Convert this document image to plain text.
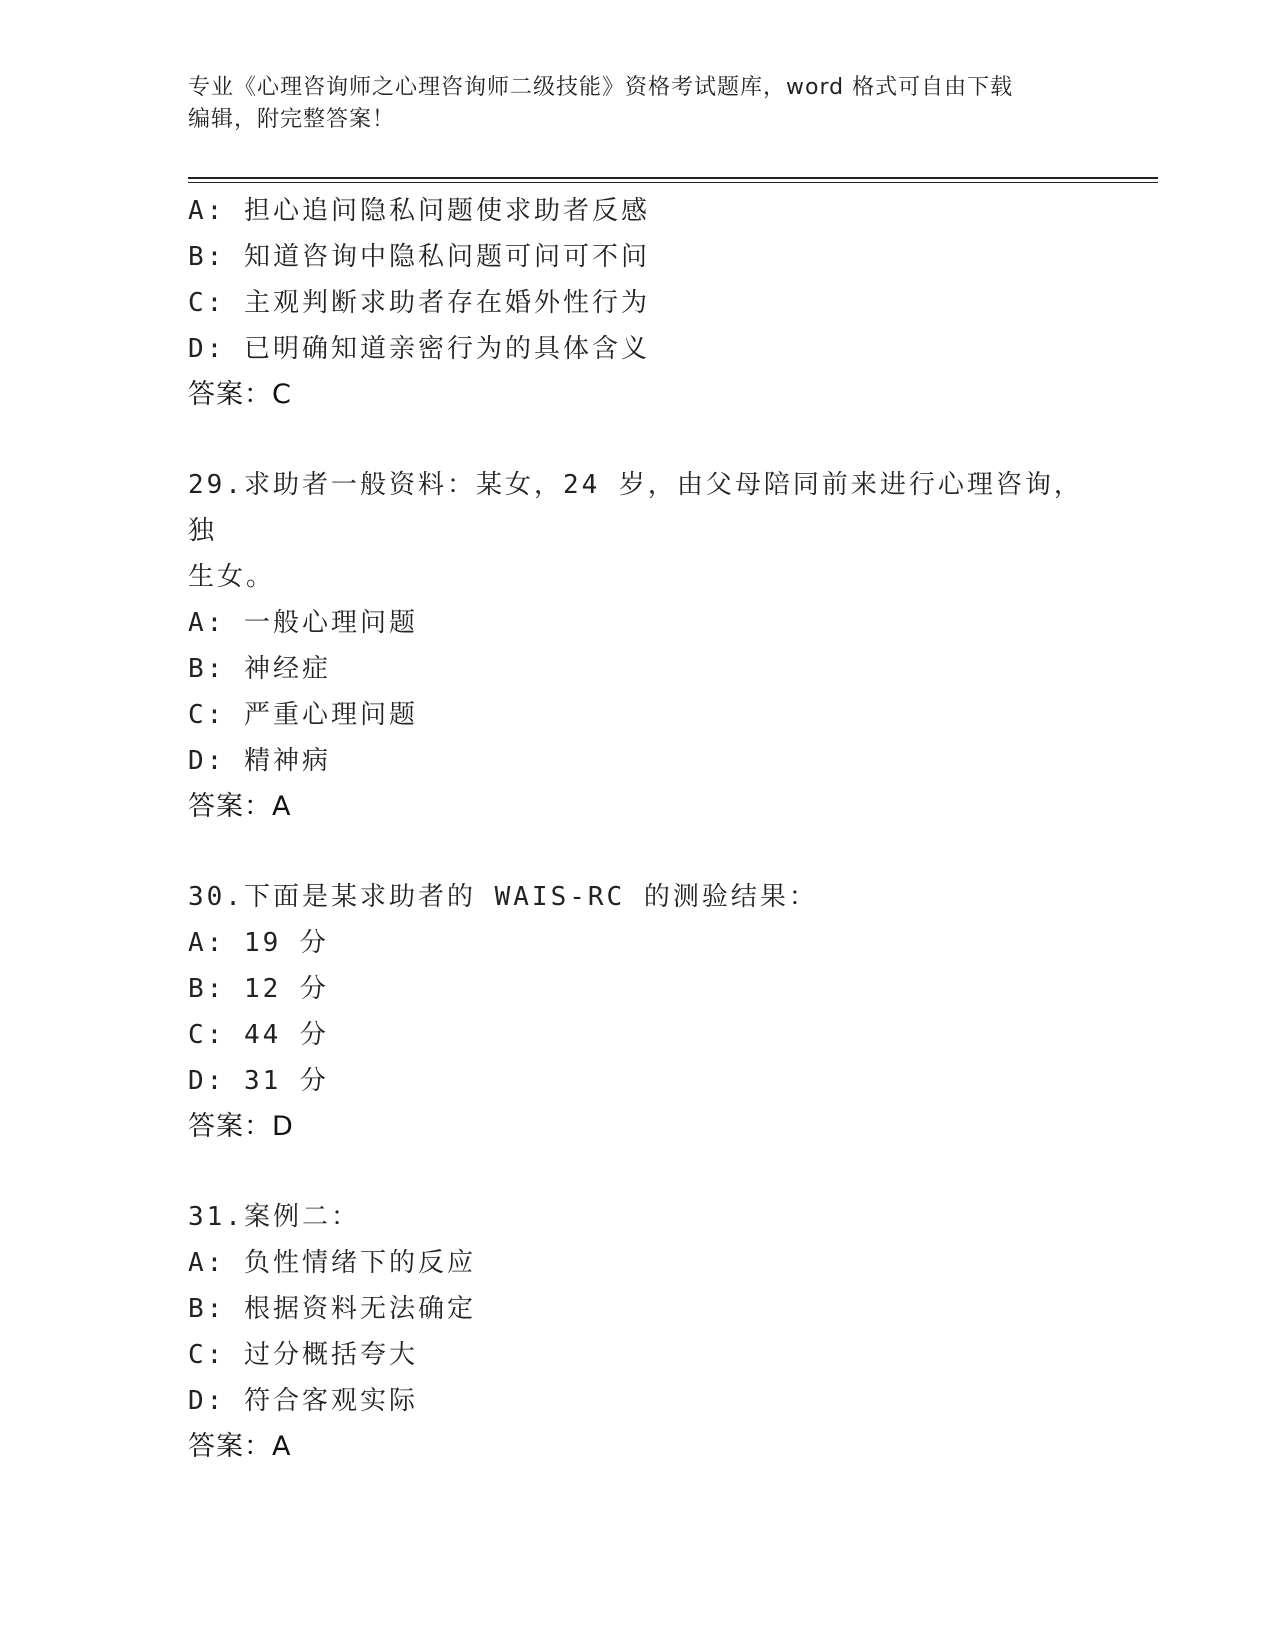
专业《心理咨询师之心理咨询师二级技能》资格考试题库，word 格式可自由下载
编辑，附完整答案！
A: 担心追问隐私问题使求助者反感
B: 知道咨询中隐私问题可问可不问
C: 主观判断求助者存在婚外性行为
D: 已明确知道亲密行为的具体含义
答案：C
29.求助者一般资料：某女，24 岁，由父母陪同前来进行心理咨询，独
生女。
A: 一般心理问题
B: 神经症
C: 严重心理问题
D: 精神病
答案：A
30.下面是某求助者的 WAIS-RC 的测验结果：
A: 19 分
B: 12 分
C: 44 分
D: 31 分
答案：D
31.案例二：
A: 负性情绪下的反应
B: 根据资料无法确定
C: 过分概括夸大
D: 符合客观实际
答案：A
